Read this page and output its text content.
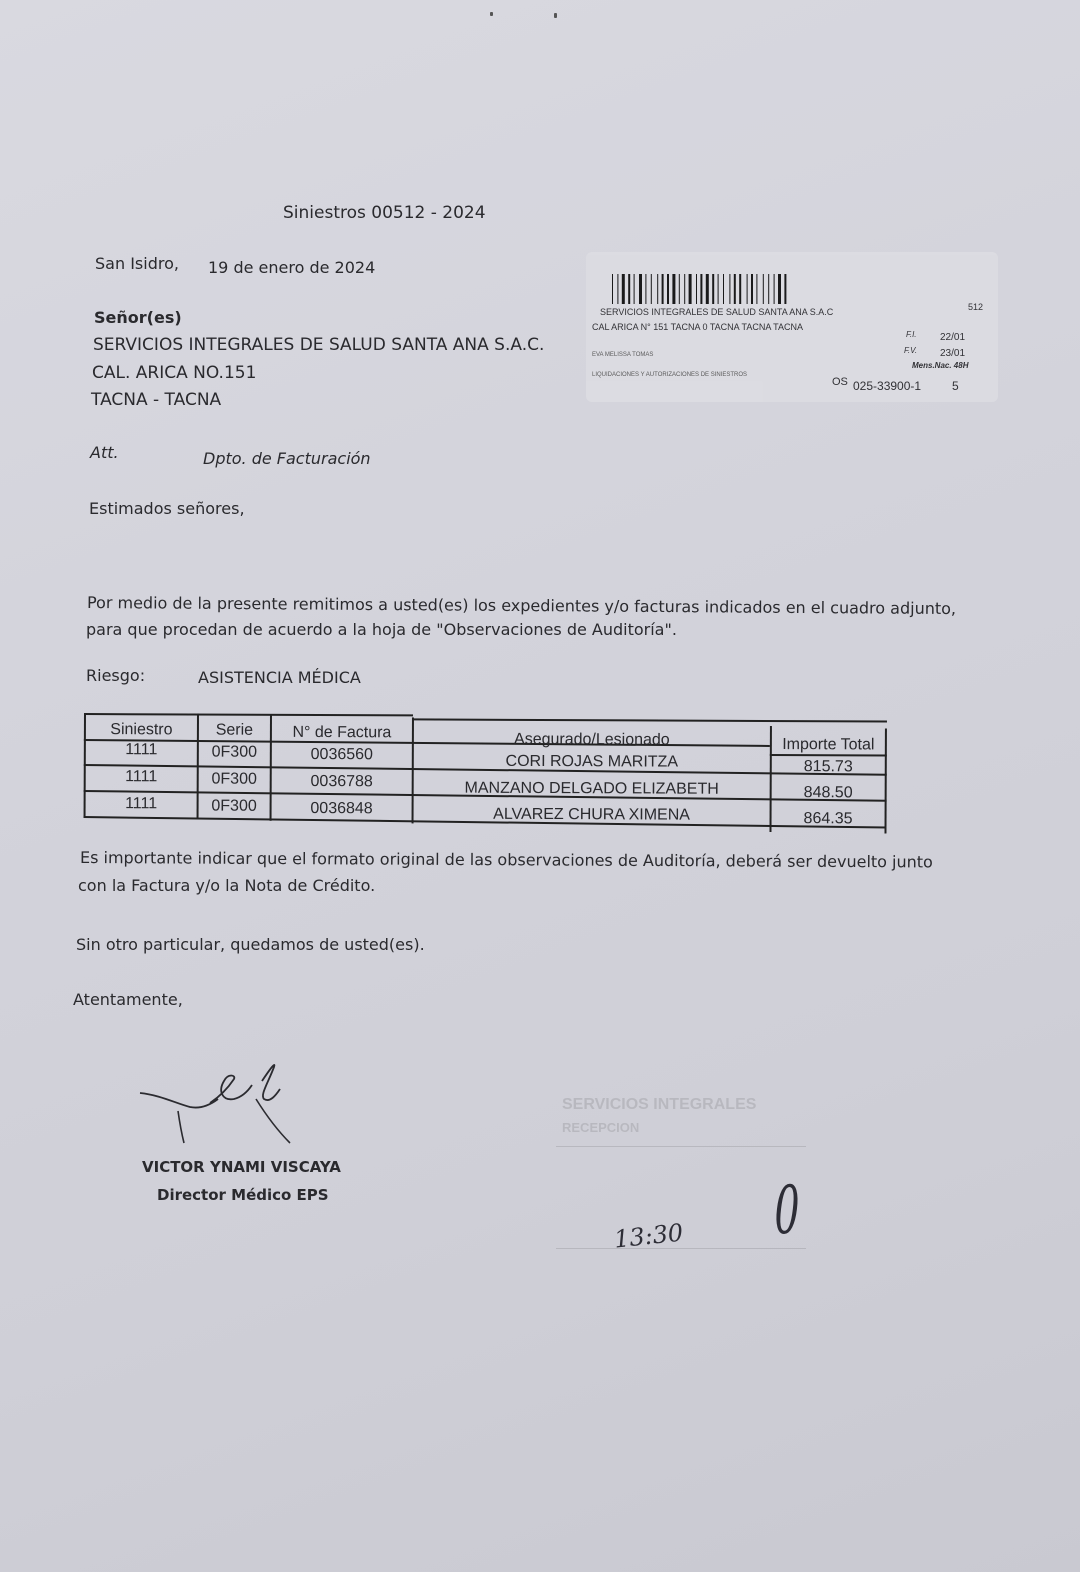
Siniestros 00512 - 2024
San Isidro, 19 de enero de 2024
Señor(es)
SERVICIOS INTEGRALES DE SALUD SANTA ANA S.A.C.
CAL. ARICA NO.151
TACNA - TACNA
Att.	Dpto. de Facturación
Estimados señores,
Por medio de la presente remitimos a usted(es) los expedientes y/o facturas indicados en el cuadro adjunto,
para que procedan de acuerdo a la hoja de "Observaciones de Auditoría".
Riesgo:	ASISTENCIA MÉDICA
Siniestro	Serie	N° de Factura	Asegurado/Lesionado	Importe Total
1111	0F300	0036560	CORI ROJAS MARITZA	815.73
1111	0F300	0036788	MANZANO DELGADO ELIZABETH	848.50
1111	0F300	0036848	ALVAREZ CHURA XIMENA	864.35
Es importante indicar que el formato original de las observaciones de Auditoría, deberá ser devuelto junto
con la Factura y/o la Nota de Crédito.
Sin otro particular, quedamos de usted(es).
Atentamente,
VICTOR YNAMI VISCAYA
Director Médico EPS
SERVICIOS INTEGRALES
RECEPCION
13:30 0
SERVICIOS INTEGRALES DE SALUD SANTA ANA S.A.C
CAL ARICA N° 151 TACNA 0 TACNA TACNA TACNA
512
F.I. 22/01
F.V. 23/01
Mens.Nac. 48H
EVA MELISSA TOMAS
LIQUIDACIONES Y AUTORIZACIONES DE SINIESTROS
OS 025-33900-1	5
